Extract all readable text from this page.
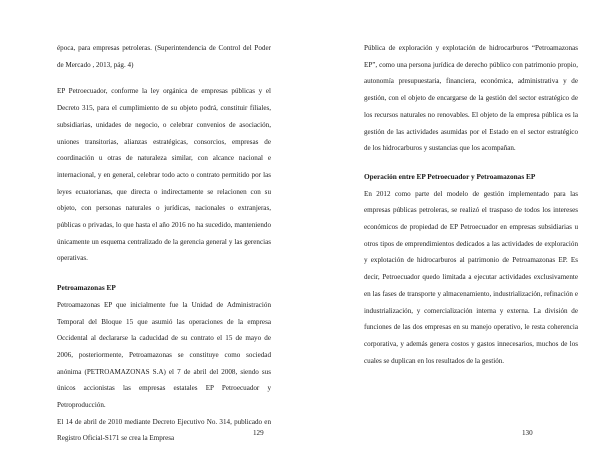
época, para empresas petroleras. (Superintendencia de Control del Poder de Mercado , 2013, pág. 4)

EP Petroecuador, conforme la ley orgánica de empresas públicas y el Decreto 315, para el cumplimiento de su objeto podrá, constituir filiales, subsidiarias, unidades de negocio, o celebrar convenios de asociación, uniones transitorias, alianzas estratégicas, consorcios, empresas de coordinación u otras de naturaleza similar, con alcance nacional e internacional, y en general, celebrar todo acto o contrato permitido por las leyes ecuatorianas, que directa o indirectamente se relacionen con su objeto, con personas naturales o jurídicas, nacionales o extranjeras, públicas o privadas, lo que hasta el año 2016 no ha sucedido, manteniendo únicamente un esquema centralizado de la gerencia general y las gerencias operativas.

Petroamazonas EP

Petroamazonas EP que inicialmente fue la Unidad de Administración Temporal del Bloque 15 que asumió las operaciones de la empresa Occidental al declararse la caducidad de su contrato el 15 de mayo de 2006, posteriormente, Petroamazonas se constituye como sociedad anónima (PETROAMAZONAS S.A) el 7 de abril del 2008, siendo sus únicos accionistas las empresas estatales EP Petroecuador y Petroproducción.

El 14 de abril de 2010 mediante Decreto Ejecutivo No. 314, publicado en Registro Oficial-S171 se crea la Empresa

129

Pública de exploración y explotación de hidrocarburos “Petroamazonas EP”, como una persona jurídica de derecho público con patrimonio propio, autonomía presupuestaria, financiera, económica, administrativa y de gestión, con el objeto de encargarse de la gestión del sector estratégico de los recursos naturales no renovables. El objeto de la empresa pública es la gestión de las actividades asumidas por el Estado en el sector estratégico de los hidrocarburos y sustancias que los acompañan.

Operación entre EP Petroecuador y Petroamazonas EP

En 2012 como parte del modelo de gestión implementado para las empresas públicas petroleras, se realizó el traspaso de todos los intereses económicos de propiedad de EP Petroecuador en empresas subsidiarias u otros tipos de emprendimientos dedicados a las actividades de exploración y explotación de hidrocarburos al patrimonio de Petroamazonas EP. Es decir, Petroecuador quedo limitada a ejecutar actividades exclusivamente en las fases de transporte y almacenamiento, industrialización, refinación e industrialización, y comercialización interna y externa. La división de funciones de las dos empresas en su manejo operativo, le resta coherencia corporativa, y además genera costos y gastos innecesarios, muchos de los cuales se duplican en los resultados de la gestión.

130
